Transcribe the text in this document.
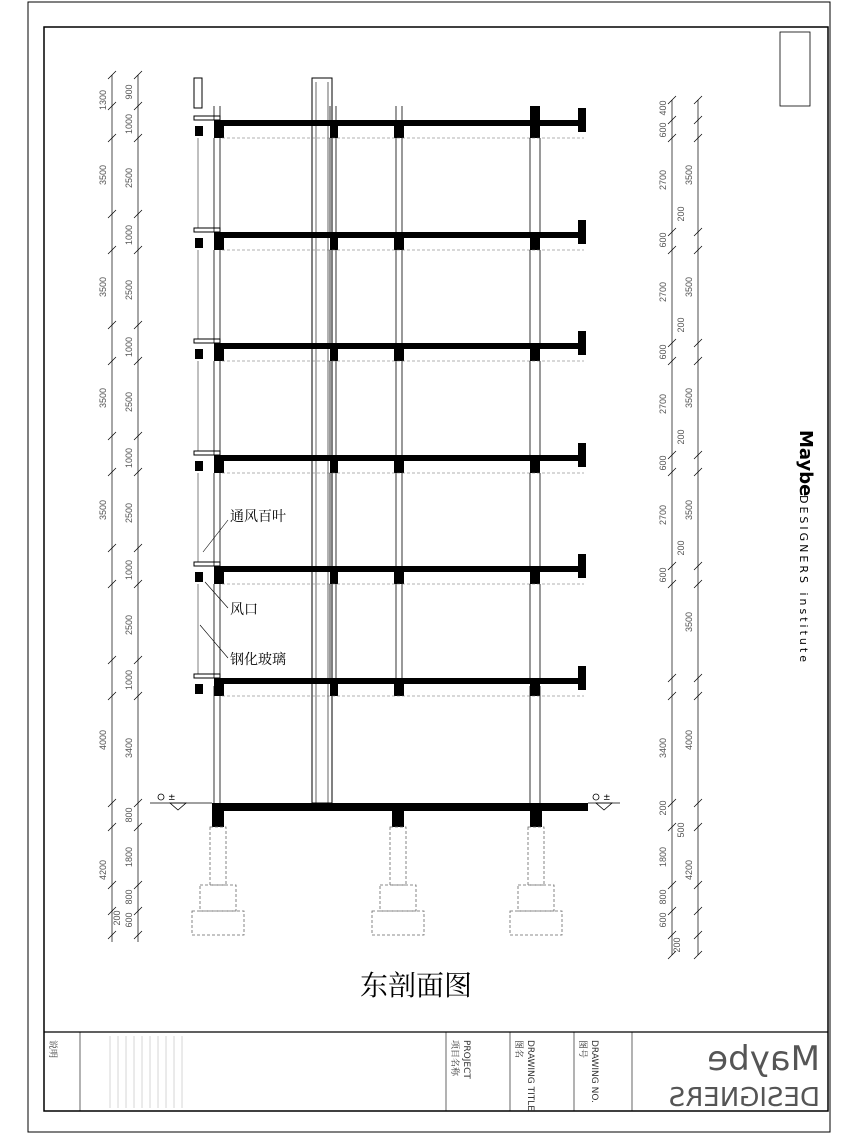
Maybe
DESIGNERS institute
1300
3500
3500
3500
3500
4000
4200
200
900
1000
2500
1000
2500
1000
2500
1000
2500
1000
2500
1000
3400
800
1800
800
600
600
400
2700
200
600
2700
200
600
2700
200
600
2700
200
600
3400
200
500
1800
800
600
200
3500
3500
3500
3500
3500
4000
4200
±	±
通风百叶
风口
钢化玻璃
东剖面图
说明	项目名称 PROJECT	图名 DRAWING TITLE	图号 DRAWING NO.	Maybe
DESIGNERS
